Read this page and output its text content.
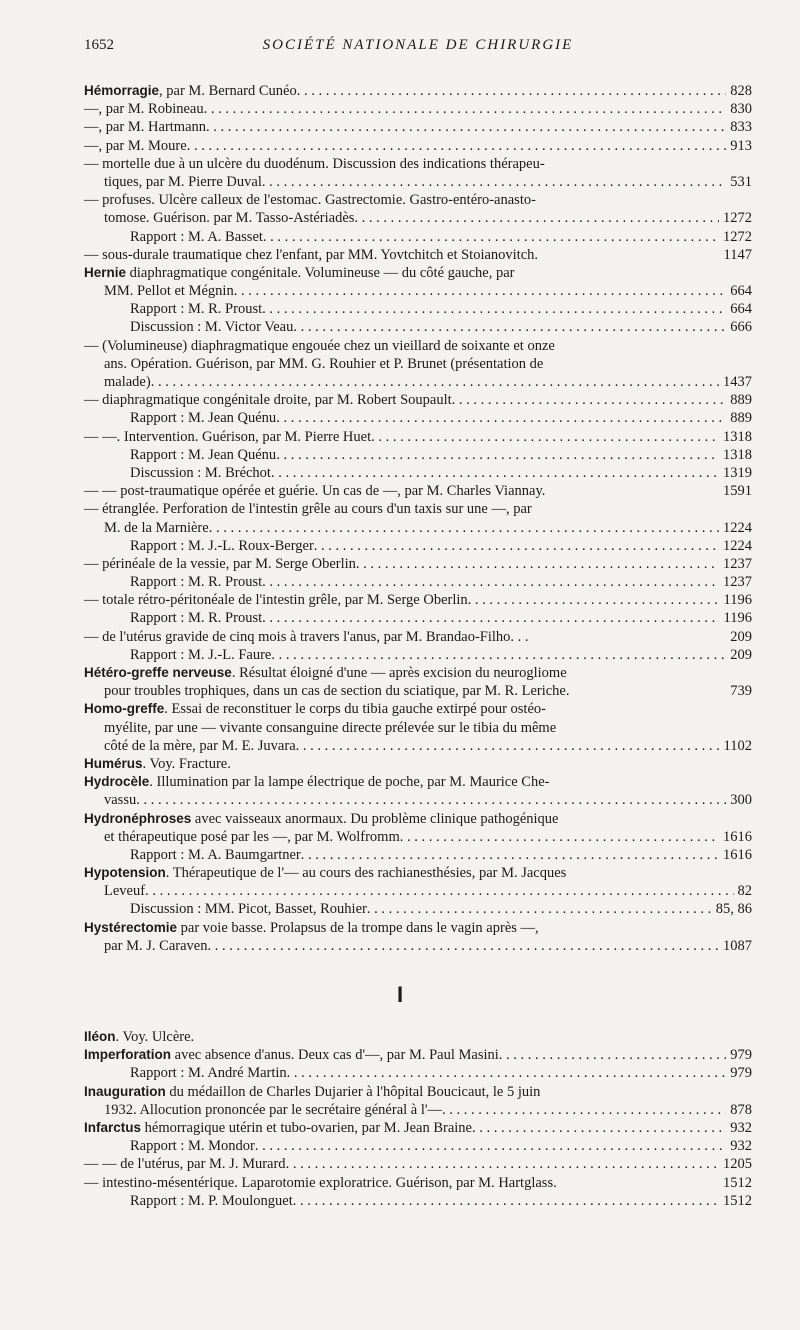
1652	SOCIÉTÉ NATIONALE DE CHIRURGIE
Hémorragie, par M. Bernard Cunéo . . .	828
—, par M. Robineau . . .	830
—, par M. Hartmann . . .	833
—, par M. Moure . . .	913
— mortelle due à un ulcère du duodénum. Discussion des indications thérapeu-
tiques, par M. Pierre Duval . . .	531
— profuses. Ulcère calleux de l'estomac. Gastrectomie. Gastro-entéro-anasto-
tomose. Guérison. par M. Tasso-Astériadès . . .	1272
Rapport : M. A. Basset . . .	1272
— sous-durale traumatique chez l'enfant, par MM. Yovtchitch et Stoianovitch.	1147
Hernie diaphragmatique congénitale. Volumineuse — du côté gauche, par
MM. Pellot et Mégnin . . .	664
Rapport : M. R. Proust . . .	664
Discussion : M. Victor Veau . . .	666
— (Volumineuse) diaphragmatique engouée chez un vieillard de soixante et onze
ans. Opération. Guérison, par MM. G. Rouhier et P. Brunet (présentation de
malade) . . .	1437
— diaphragmatique congénitale droite, par M. Robert Soupault . . .	889
Rapport : M. Jean Quénu . . .	889
— —. Intervention. Guérison, par M. Pierre Huet . . .	1318
Rapport : M. Jean Quénu . . .	1318
Discussion : M. Bréchot . . .	1319
— — post-traumatique opérée et guérie. Un cas de —, par M. Charles Viannay.	1591
— étranglée. Perforation de l'intestin grêle au cours d'un taxis sur une —, par
M. de la Marnière . . .	1224
Rapport : M. J.-L. Roux-Berger . . .	1224
— périnéale de la vessie, par M. Serge Oberlin . . .	1237
Rapport : M. R. Proust . . .	1237
— totale rétro-péritonéale de l'intestin grêle, par M. Serge Oberlin . . .	1196
Rapport : M. R. Proust . . .	1196
— de l'utérus gravide de cinq mois à travers l'anus, par M. Brandao-Filho. . .	209
Rapport : M. J.-L. Faure . . .	209
Hétéro-greffe nerveuse. Résultat éloigné d'une — après excision du neurogliome
pour troubles trophiques, dans un cas de section du sciatique, par M. R. Leriche.	739
Homo-greffe. Essai de reconstituer le corps du tibia gauche extirpé pour ostéo-
myélite, par une — vivante consanguine directe prélevée sur le tibia du même
côté de la mère, par M. E. Juvara . . .	1102
Humérus. Voy. Fracture.
Hydrocèle. Illumination par la lampe électrique de poche, par M. Maurice Che-
vassu . . .	300
Hydronéphroses avec vaisseaux anormaux. Du problème clinique pathogénique
et thérapeutique posé par les —, par M. Wolfromm . . .	1616
Rapport : M. A. Baumgartner . . .	1616
Hypotension. Thérapeutique de l'— au cours des rachianesthésies, par M. Jacques
Leveuf . . .	82
Discussion : MM. Picot, Basset, Rouhier . . .	85, 86
Hystérectomie par voie basse. Prolapsus de la trompe dans le vagin après —,
par M. J. Caraven . . .	1087
I
Iléon. Voy. Ulcère.
Imperforation avec absence d'anus. Deux cas d'—, par M. Paul Masini . . .	979
Rapport : M. André Martin . . .	979
Inauguration du médaillon de Charles Dujarier à l'hôpital Boucicaut, le 5 juin
1932. Allocution prononcée par le secrétaire général à l'— . . .	878
Infarctus hémorragique utérin et tubo-ovarien, par M. Jean Braine . . .	932
Rapport : M. Mondor . . .	932
— — de l'utérus, par M. J. Murard . . .	1205
— intestino-mésentérique. Laparotomie exploratrice. Guérison, par M. Hartglass.	1512
Rapport : M. P. Moulonguet . . .	1512
